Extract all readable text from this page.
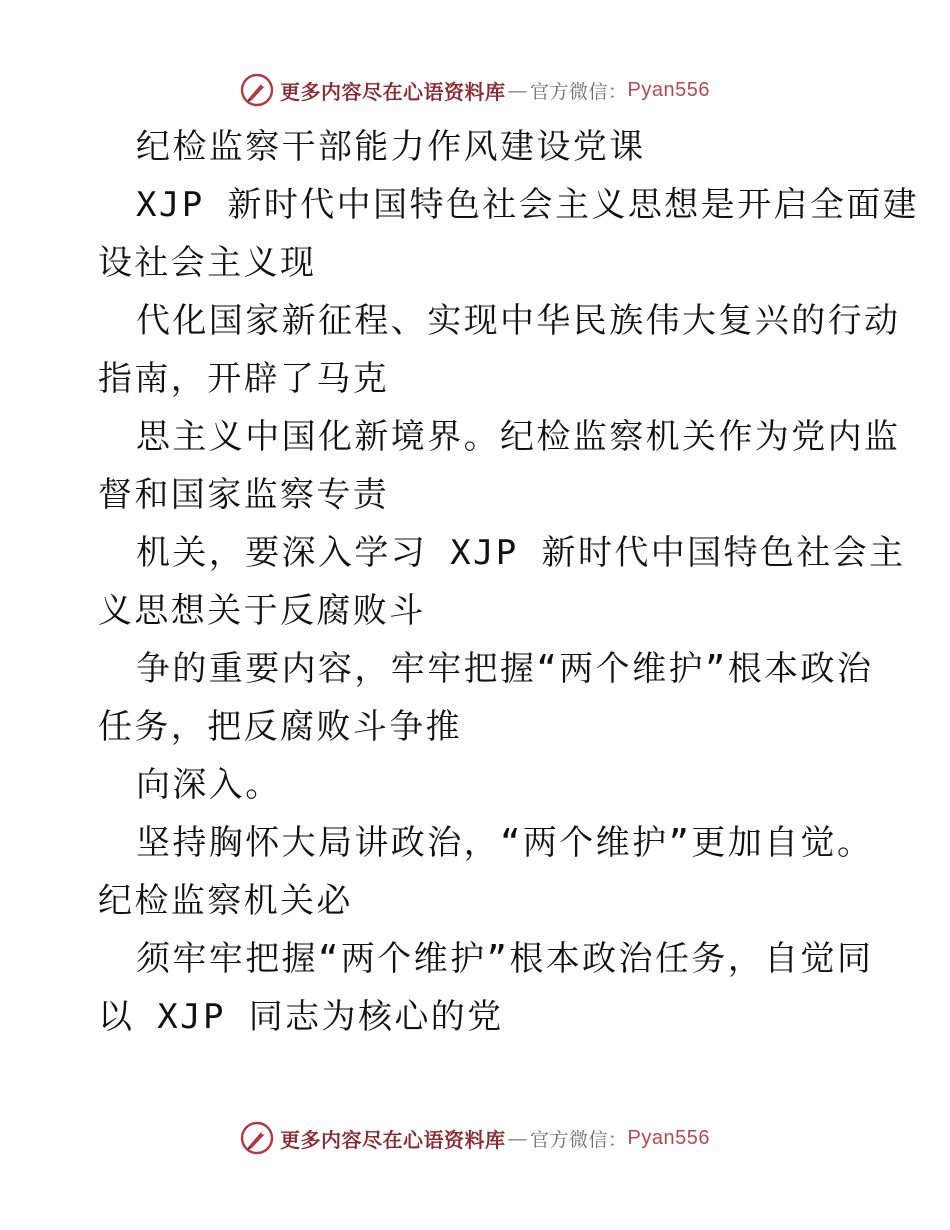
更多内容尽在心语资料库 — 官方微信： Pyan556

纪检监察干部能力作风建设党课

XJP 新时代中国特色社会主义思想是开启全面建

设社会主义现

代化国家新征程、实现中华民族伟大复兴的行动

指南，开辟了马克

思主义中国化新境界。纪检监察机关作为党内监

督和国家监察专责

机关，要深入学习 XJP 新时代中国特色社会主

义思想关于反腐败斗

争的重要内容，牢牢把握“两个维护”根本政治

任务，把反腐败斗争推

向深入。

坚持胸怀大局讲政治，“两个维护”更加自觉。

纪检监察机关必

须牢牢把握“两个维护”根本政治任务，自觉同

以 XJP 同志为核心的党

更多内容尽在心语资料库 — 官方微信： Pyan556
